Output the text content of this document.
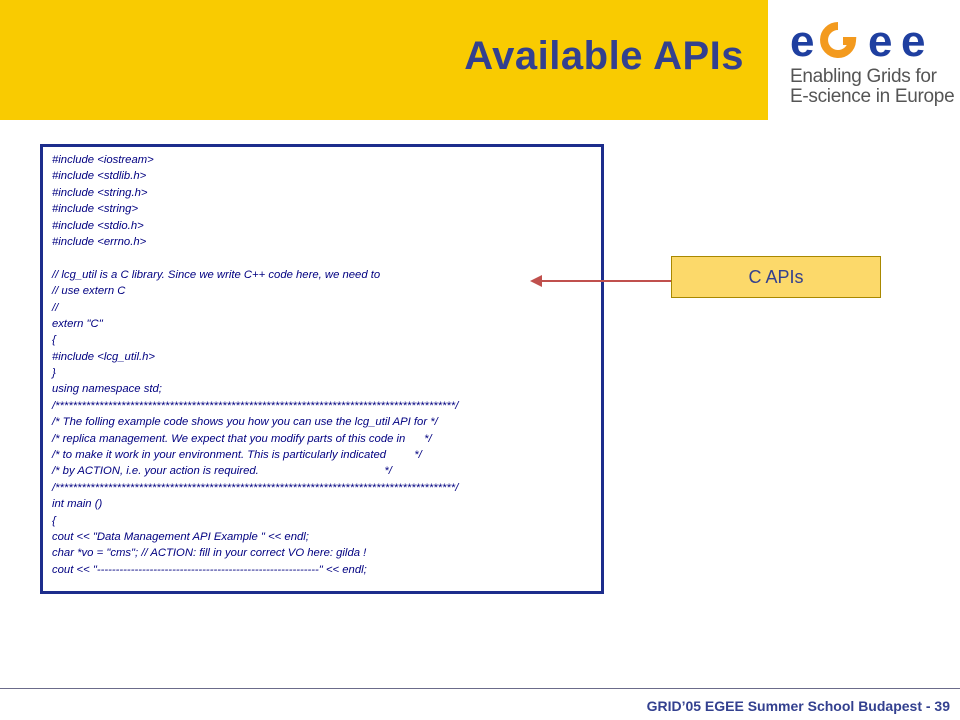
Available APIs e e e
Enabling Grids for
E-science in Europe
#include <iostream>
#include <stdlib.h>
#include <string.h>
#include <string>
#include <stdio.h>
#include <errno.h>
// lcg_util is a C library. Since we write C++ code here, we need to
// use extern C
//
extern "C"
{
#include <lcg_util.h>
}
using namespace std;
/*******************************************************************************************/
/* The folling example code shows you how you can use the lcg_util API for */
/* replica management. We expect that you modify parts of this code in      */
/* to make it work in your environment. This is particularly indicated         */
/* by ACTION, i.e. your action is required.                                        */
/*******************************************************************************************/
int main ()
{
cout << "Data Management API Example " << endl;
char *vo = "cms"; // ACTION: fill in your correct VO here: gilda !
cout << "-----------------------------------------------------------" << endl;
C APIs
GRID’05 EGEE Summer School Budapest - 39
